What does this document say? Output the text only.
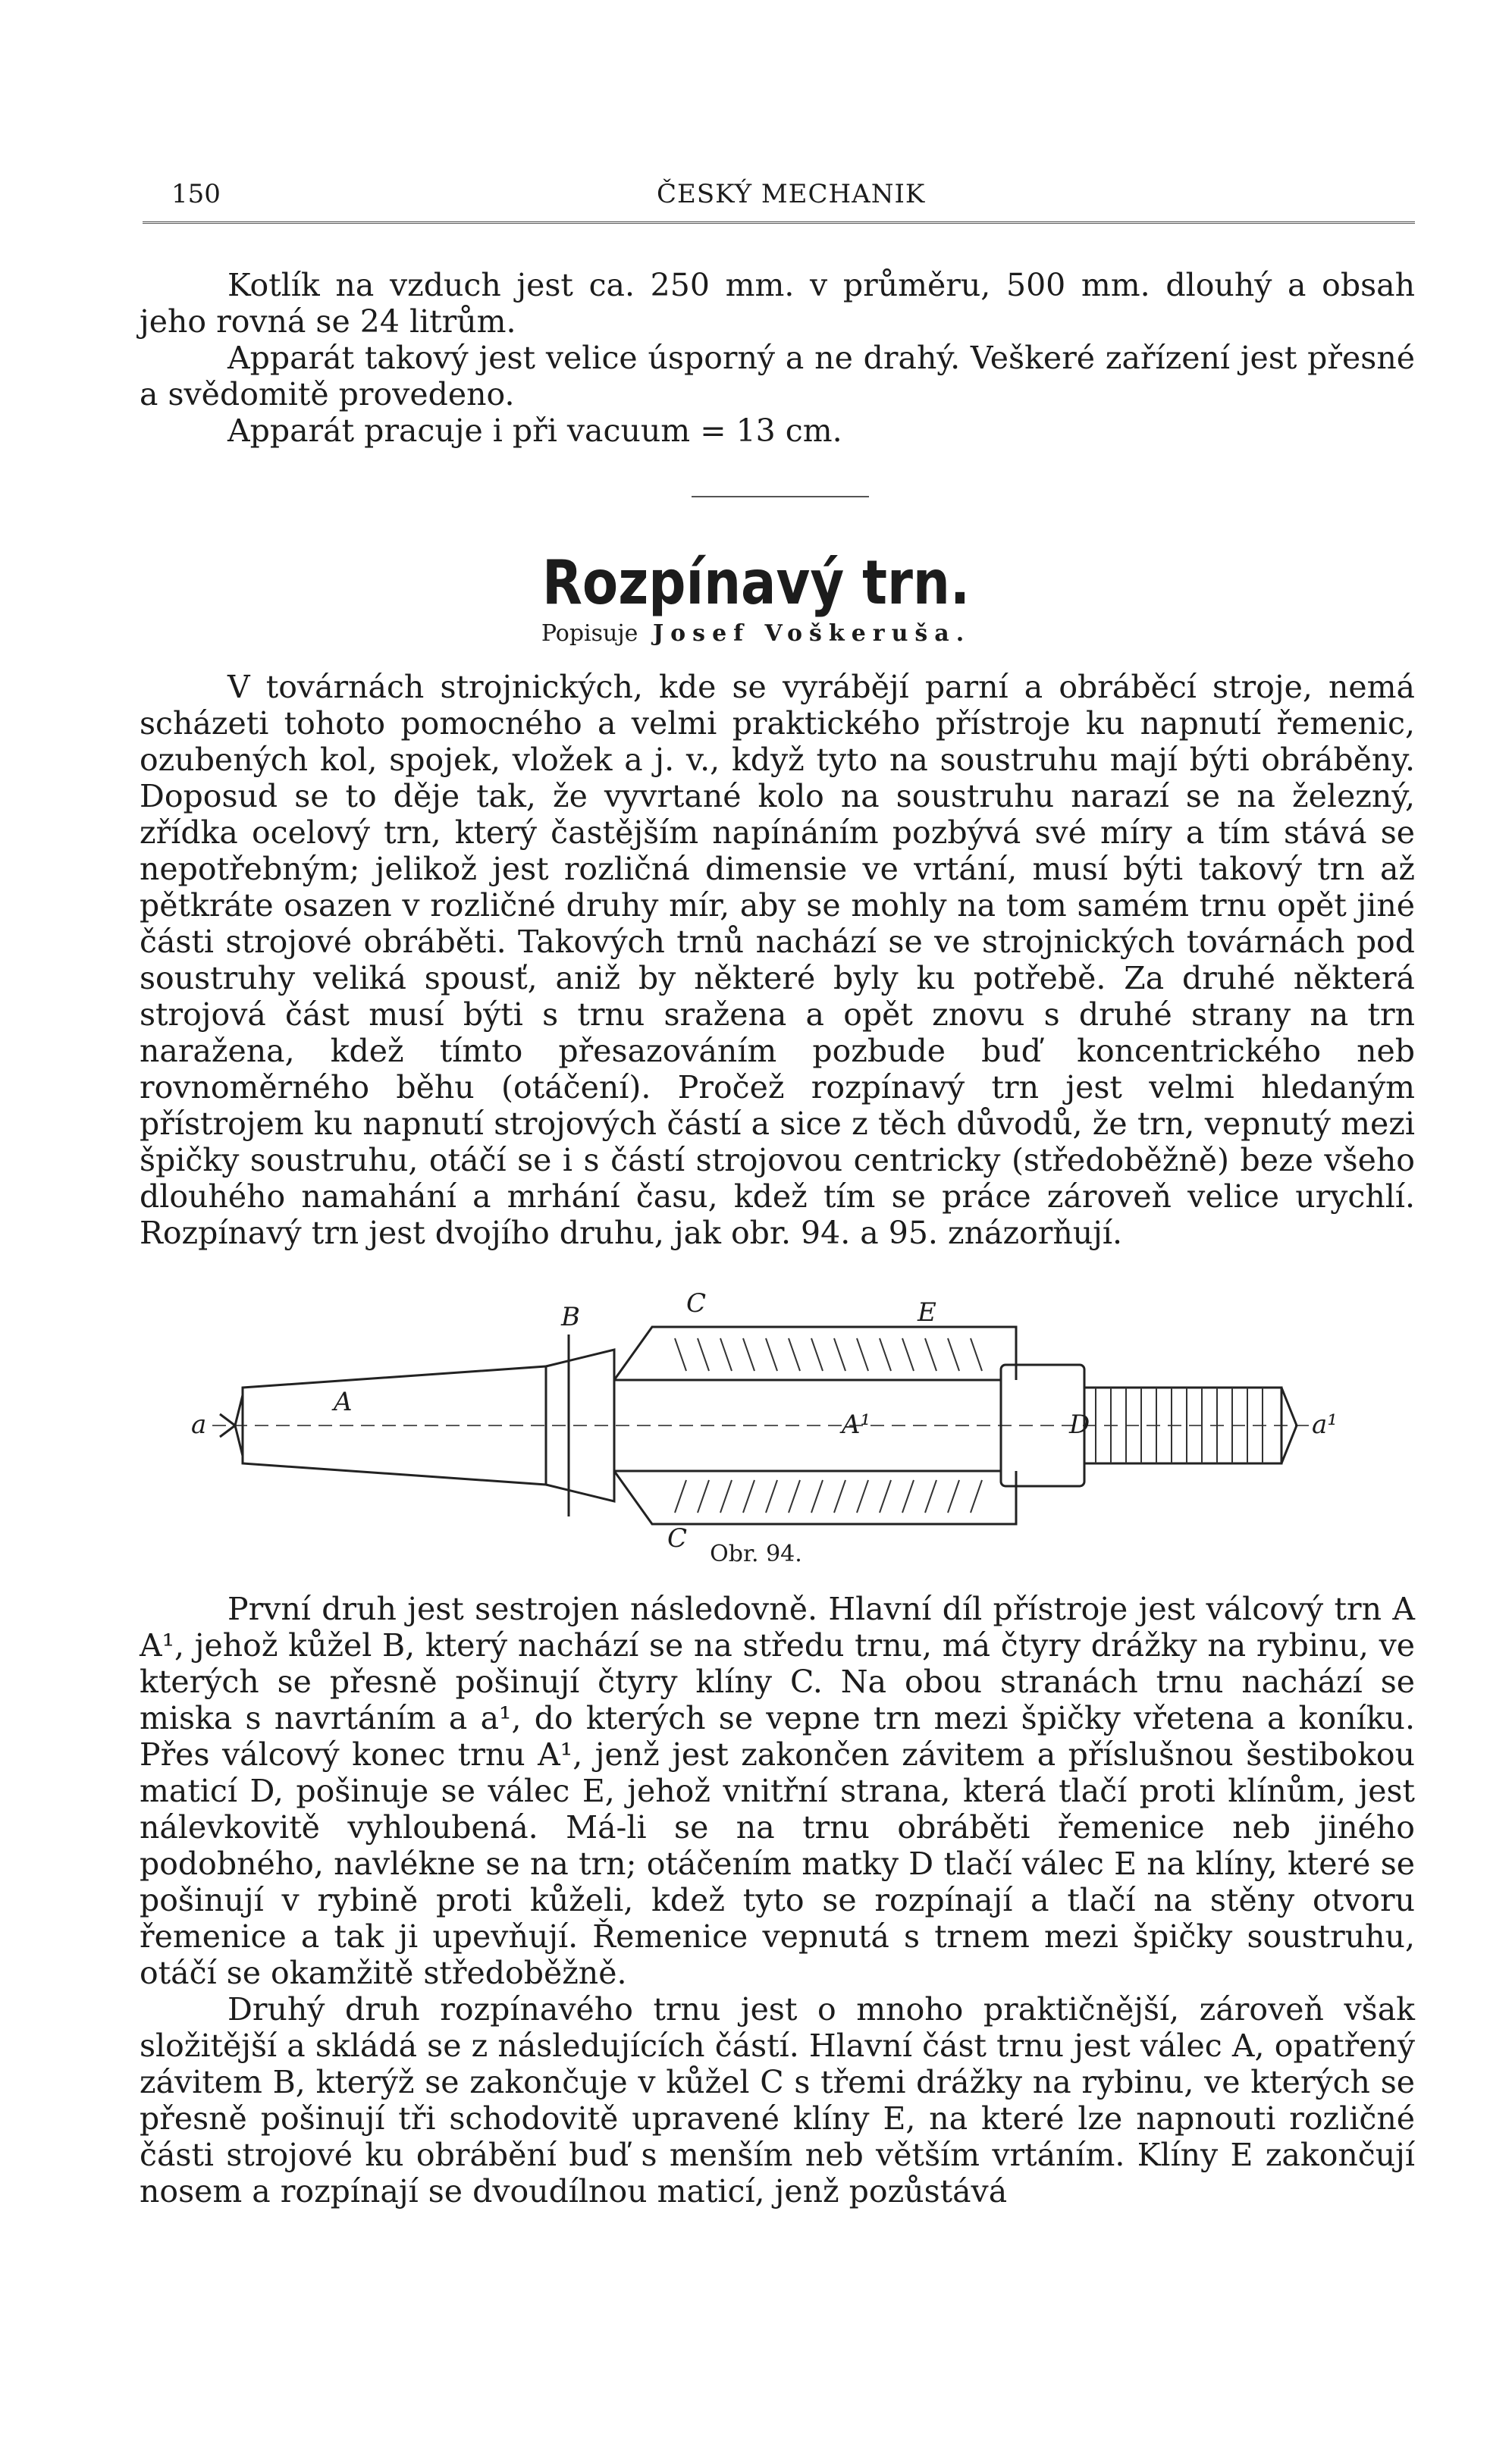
150	ČESKÝ MECHANIK

Kotlík na vzduch jest ca. 250 mm. v průměru, 500 mm. dlouhý a obsah jeho rovná se 24 litrům.

Apparát takový jest velice úsporný a ne drahý. Veškeré zařízení jest přesné a svědomitě provedeno.

Apparát pracuje i při vacuum = 13 cm.

Rozpínavý trn.
Popisuje Josef Voškeruša.

V továrnách strojnických, kde se vyrábějí parní a obráběcí stroje, nemá scházeti tohoto pomocného a velmi praktického přístroje ku napnutí řemenic, ozubených kol, spojek, vložek a j. v., když tyto na soustruhu mají býti obráběny. Doposud se to děje tak, že vyvrtané kolo na soustruhu narazí se na železný, zřídka ocelový trn, který častějším napínáním pozbývá své míry a tím stává se nepotřebným; jelikož jest rozličná dimensie ve vrtání, musí býti takový trn až pětkráte osazen v rozličné druhy mír, aby se mohly na tom samém trnu opět jiné části strojové obráběti. Takových trnů nachází se ve strojnických továrnách pod soustruhy veliká spousť, aniž by některé byly ku potřebě. Za druhé některá strojová část musí býti s trnu sražena a opět znovu s druhé strany na trn naražena, kdež tímto přesazováním pozbude buď koncentrického neb rovnoměrného běhu (otáčení). Pročež rozpínavý trn jest velmi hledaným přístrojem ku napnutí strojových částí a sice z těch důvodů, že trn, vepnutý mezi špičky soustruhu, otáčí se i s částí strojovou centricky (středoběžně) beze všeho dlouhého namahání a mrhání času, kdež tím se práce zároveň velice urychlí. Rozpínavý trn jest dvojího druhu, jak obr. 94. a 95. znázorňují.

a
A
B	C	E
A¹	D	a¹
C
Obr. 94.

První druh jest sestrojen následovně. Hlavní díl přístroje jest válcový trn A A¹, jehož kůžel B, který nachází se na středu trnu, má čtyry drážky na rybinu, ve kterých se přesně pošinují čtyry klíny C. Na obou stranách trnu nachází se miska s navrtáním a a¹, do kterých se vepne trn mezi špičky vřetena a koníku. Přes válcový konec trnu A¹, jenž jest zakončen závitem a příslušnou šestibokou maticí D, pošinuje se válec E, jehož vnitřní strana, která tlačí proti klínům, jest nálevkovitě vyhloubená. Má-li se na trnu obráběti řemenice neb jiného podobného, navlékne se na trn; otáčením matky D tlačí válec E na klíny, které se pošinují v rybině proti kůželi, kdež tyto se rozpínají a tlačí na stěny otvoru řemenice a tak ji upevňují. Řemenice vepnutá s trnem mezi špičky soustruhu, otáčí se okamžitě středoběžně.

Druhý druh rozpínavého trnu jest o mnoho praktičnější, zároveň však složitější a skládá se z následujících částí. Hlavní část trnu jest válec A, opatřený závitem B, kterýž se zakončuje v kůžel C s třemi drážky na rybinu, ve kterých se přesně pošinují tři schodovitě upravené klíny E, na které lze napnouti rozličné části strojové ku obrábění buď s menším neb větším vrtáním. Klíny E zakončují nosem a rozpínají se dvoudílnou maticí, jenž pozůstává
